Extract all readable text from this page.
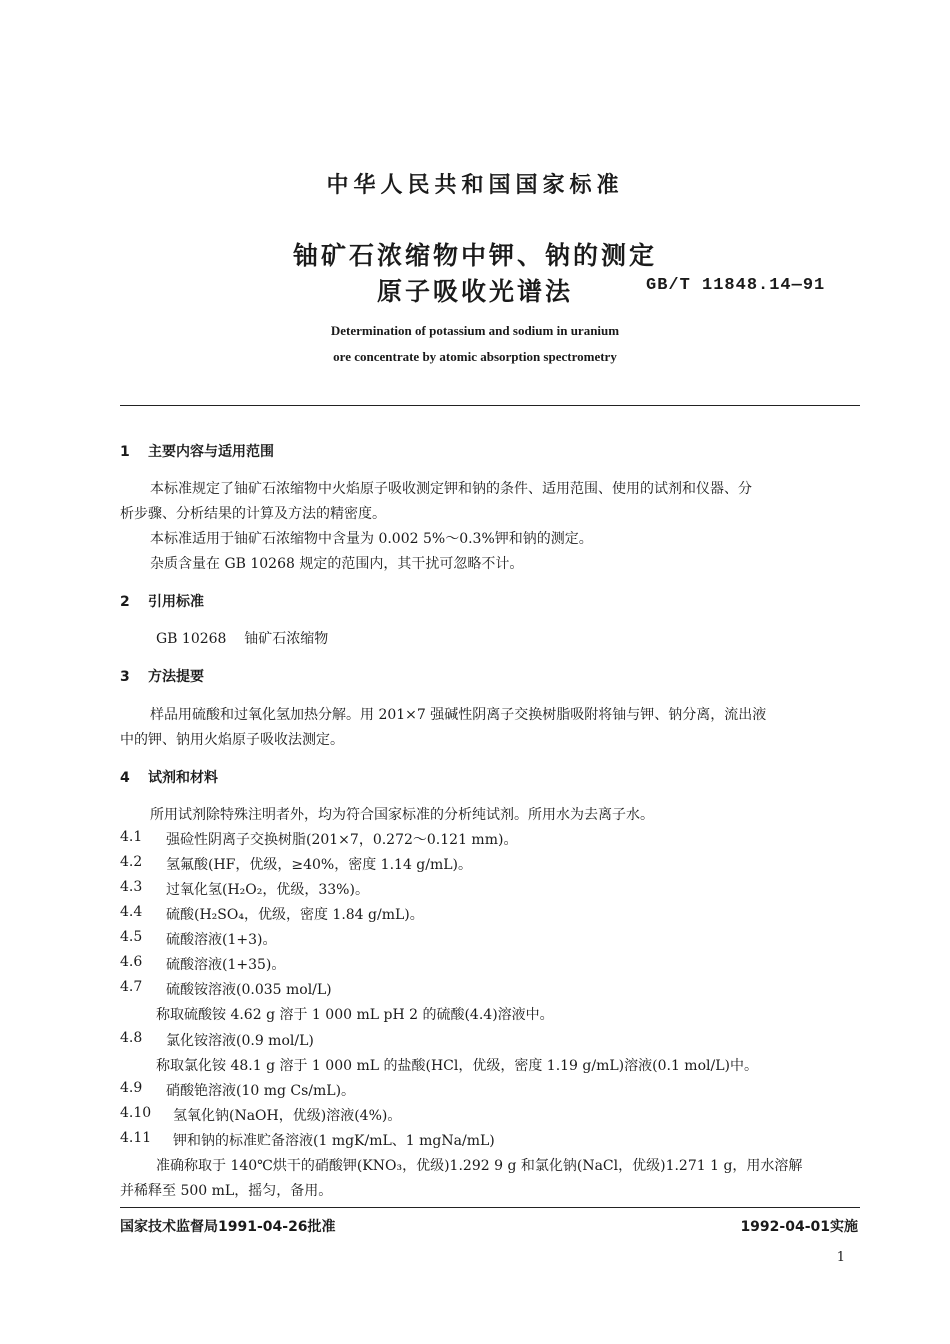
中华人民共和国国家标准
铀矿石浓缩物中钾、钠的测定
原子吸收光谱法	GB/T 11848.14—91
Determination of potassium and sodium in uranium
ore concentrate by atomic absorption spectrometry
1 主要内容与适用范围
本标准规定了铀矿石浓缩物中火焰原子吸收测定钾和钠的条件、适用范围、使用的试剂和仪器、分
析步骤、分析结果的计算及方法的精密度。
本标准适用于铀矿石浓缩物中含量为 0.002 5%～0.3%钾和钠的测定。
杂质含量在 GB 10268 规定的范围内，其干扰可忽略不计。
2 引用标准
GB 10268    铀矿石浓缩物
3 方法提要
样品用硫酸和过氧化氢加热分解。用 201×7 强碱性阴离子交换树脂吸附将铀与钾、钠分离，流出液
中的钾、钠用火焰原子吸收法测定。
4 试剂和材料
所用试剂除特殊注明者外，均为符合国家标准的分析纯试剂。所用水为去离子水。
4.1 强硷性阴离子交换树脂(201×7，0.272～0.121 mm)。
4.2 氢氟酸(HF，优级，≥40%，密度 1.14 g/mL)。
4.3 过氧化氢(H₂O₂，优级，33%)。
4.4 硫酸(H₂SO₄，优级，密度 1.84 g/mL)。
4.5 硫酸溶液(1+3)。
4.6 硫酸溶液(1+35)。
4.7 硫酸铵溶液(0.035 mol/L)
称取硫酸铵 4.62 g 溶于 1 000 mL pH 2 的硫酸(4.4)溶液中。
4.8 氯化铵溶液(0.9 mol/L)
称取氯化铵 48.1 g 溶于 1 000 mL 的盐酸(HCl，优级，密度 1.19 g/mL)溶液(0.1 mol/L)中。
4.9 硝酸铯溶液(10 mg Cs/mL)。
4.10 氢氧化钠(NaOH，优级)溶液(4%)。
4.11 钾和钠的标准贮备溶液(1 mgK/mL、1 mgNa/mL)
准确称取于 140℃烘干的硝酸钾(KNO₃，优级)1.292 9 g 和氯化钠(NaCl，优级)1.271 1 g，用水溶解
并稀释至 500 mL，摇匀，备用。
国家技术监督局1991-04-26批准	1992-04-01实施
1
